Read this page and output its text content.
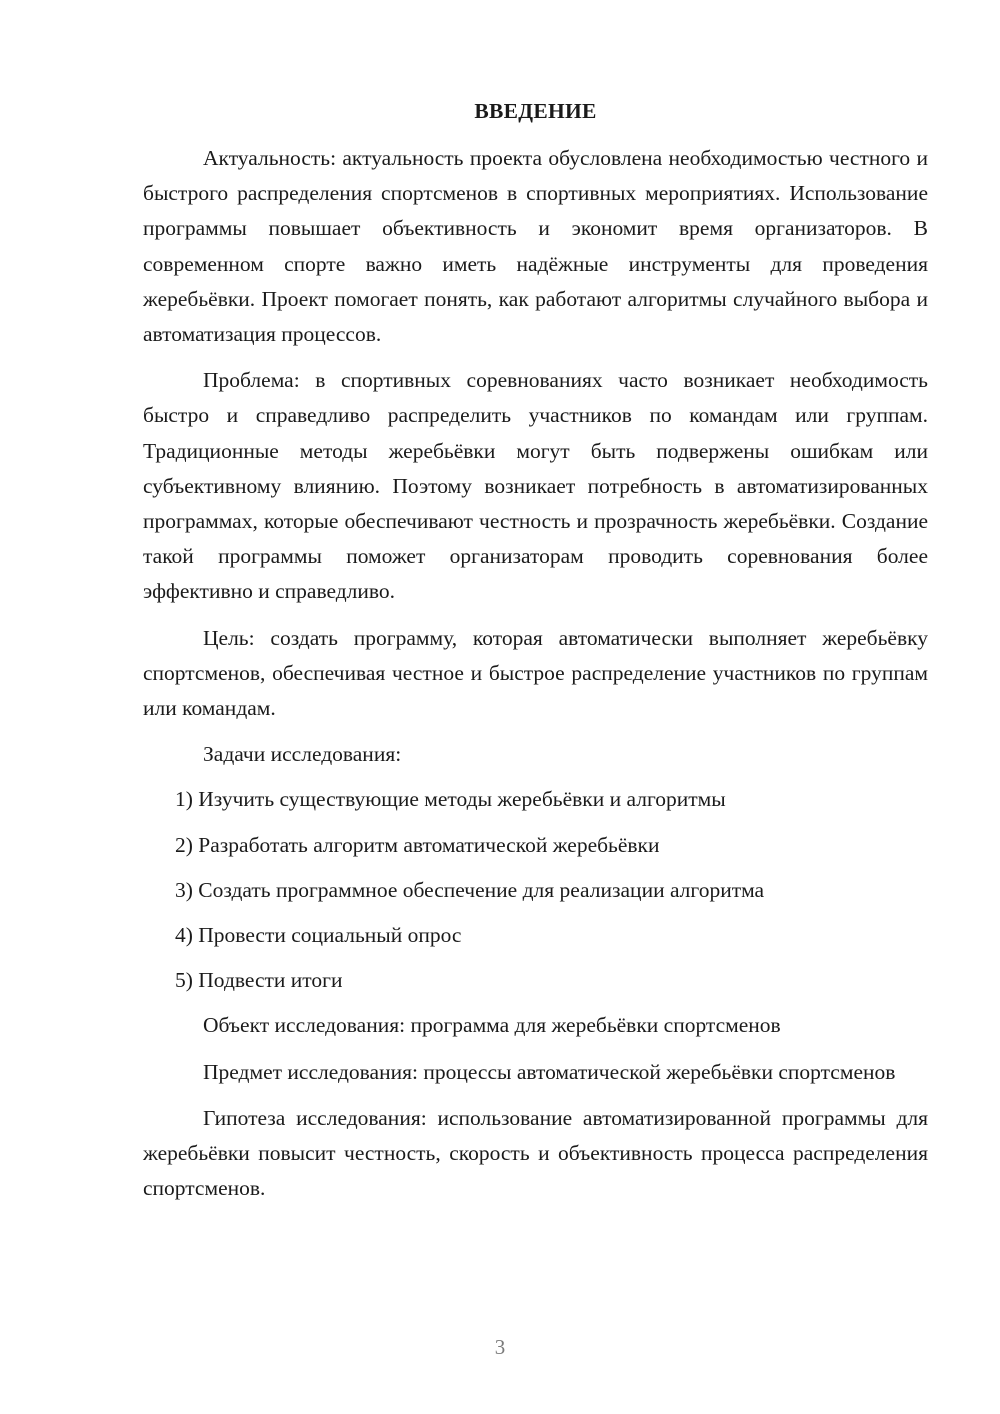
ВВЕДЕНИЕ

Актуальность: актуальность проекта обусловлена необходимостью честного и быстрого распределения спортсменов в спортивных мероприятиях. Использование программы повышает объективность и экономит время организаторов. В современном спорте важно иметь надёжные инструменты для проведения жеребьёвки. Проект помогает понять, как работают алгоритмы случайного выбора и автоматизация процессов.

Проблема: в спортивных соревнованиях часто возникает необходимость быстро и справедливо распределить участников по командам или группам. Традиционные методы жеребьёвки могут быть подвержены ошибкам или субъективному влиянию. Поэтому возникает потребность в автоматизированных программах, которые обеспечивают честность и прозрачность жеребьёвки. Создание такой программы поможет организаторам проводить соревнования более эффективно и справедливо.

Цель: создать программу, которая автоматически выполняет жеребьёвку спортсменов, обеспечивая честное и быстрое распределение участников по группам или командам.

Задачи исследования:
1) Изучить существующие методы жеребьёвки и алгоритмы
2) Разработать алгоритм автоматической жеребьёвки
3) Создать программное обеспечение для реализации алгоритма
4) Провести социальный опрос
5) Подвести итоги

Объект исследования: программа для жеребьёвки спортсменов

Предмет исследования: процессы автоматической жеребьёвки спортсменов

Гипотеза исследования: использование автоматизированной программы для жеребьёвки повысит честность, скорость и объективность процесса распределения спортсменов.

3
